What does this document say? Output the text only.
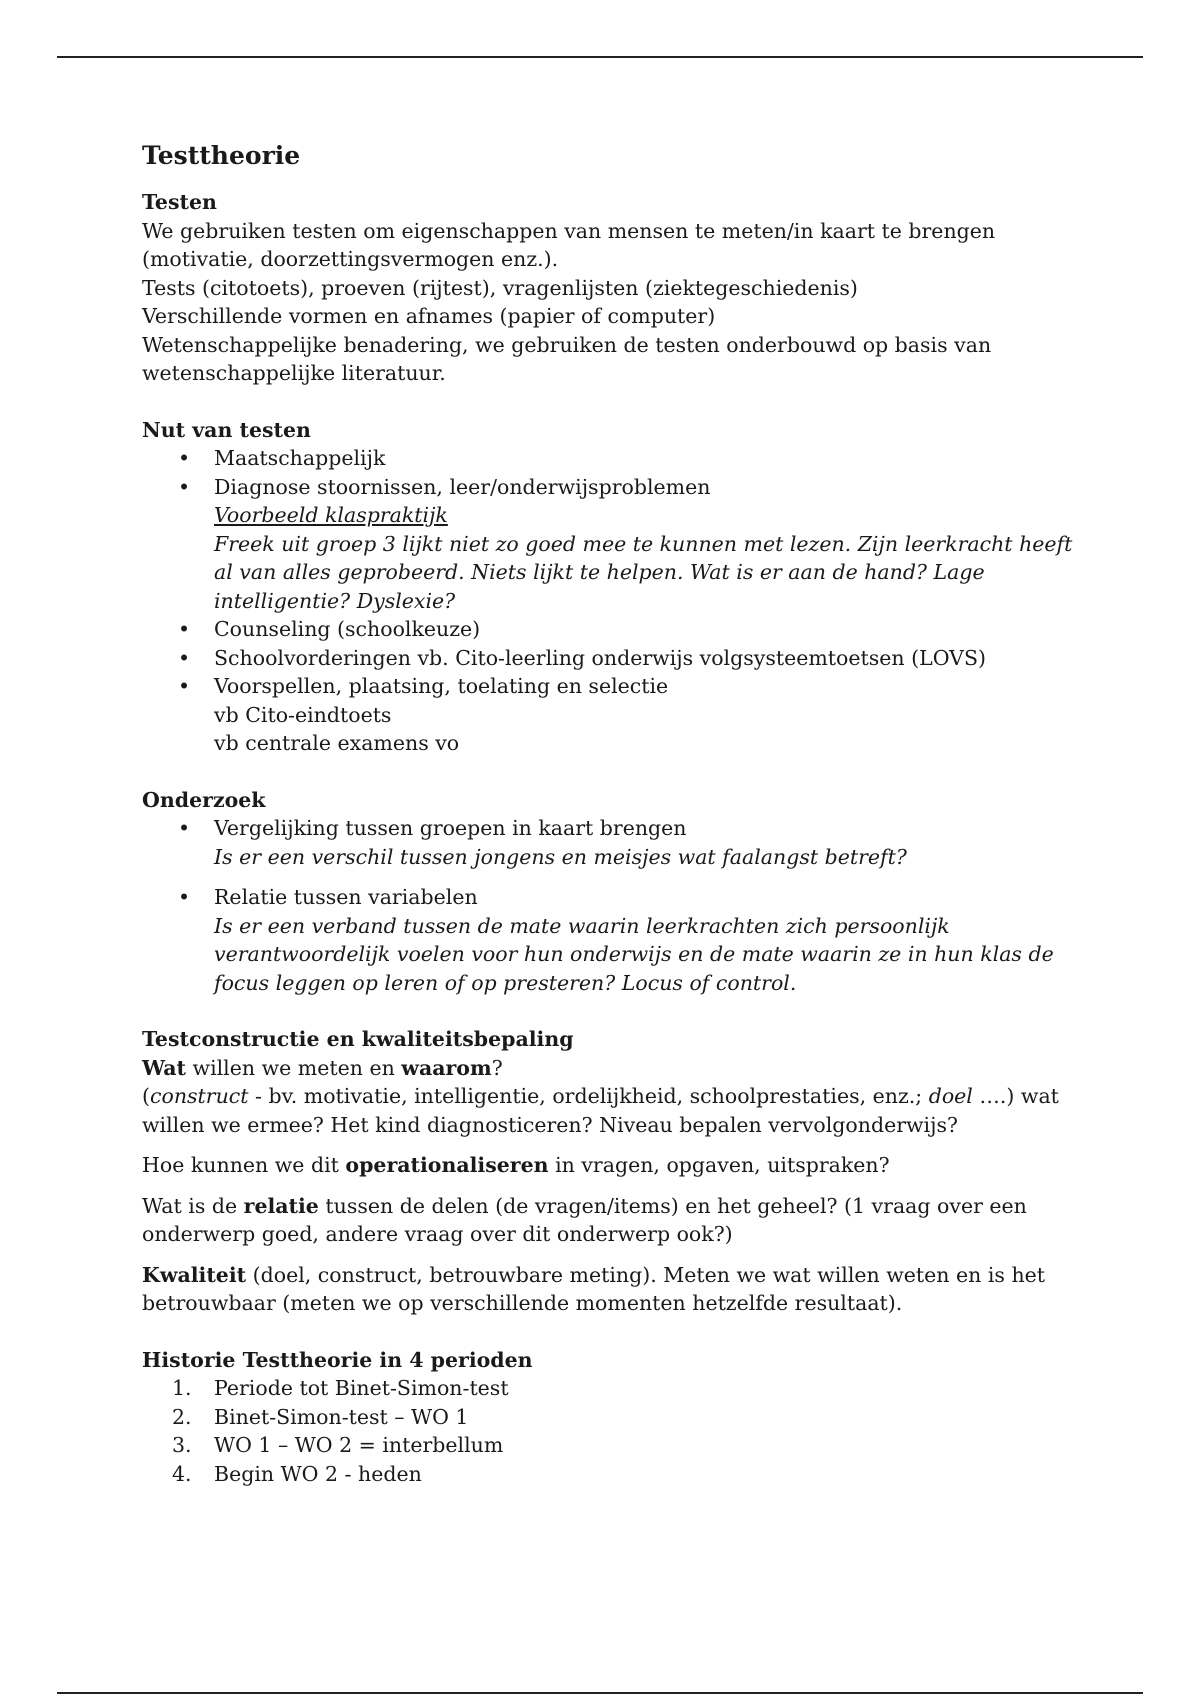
Testtheorie
Testen

We gebruiken testen om eigenschappen van mensen te meten/in kaart te brengen (motivatie, doorzettingsvermogen enz.).

Tests (citotoets), proeven (rijtest), vragenlijsten (ziektegeschiedenis)

Verschillende vormen en afnames (papier of computer)

Wetenschappelijke benadering, we gebruiken de testen onderbouwd op basis van wetenschappelijke literatuur.

Nut van testen
• Maatschappelijk
• Diagnose stoornissen, leer/onderwijsproblemen
Voorbeeld klaspraktijk
Freek uit groep 3 lijkt niet zo goed mee te kunnen met lezen. Zijn leerkracht heeft al van alles geprobeerd. Niets lijkt te helpen. Wat is er aan de hand? Lage intelligentie? Dyslexie?
• Counseling (schoolkeuze)
• Schoolvorderingen vb. Cito-leerling onderwijs volgsysteemtoetsen (LOVS)
• Voorspellen, plaatsing, toelating en selectie
vb Cito-eindtoets
vb centrale examens vo
Onderzoek
• Vergelijking tussen groepen in kaart brengen
Is er een verschil tussen jongens en meisjes wat faalangst betreft?
• Relatie tussen variabelen
Is er een verband tussen de mate waarin leerkrachten zich persoonlijk verantwoordelijk voelen voor hun onderwijs en de mate waarin ze in hun klas de focus leggen op leren of op presteren? Locus of control.
Testconstructie en kwaliteitsbepaling

Wat willen we meten en waarom?

(construct - bv. motivatie, intelligentie, ordelijkheid, schoolprestaties, enz.; doel ….) wat willen we ermee? Het kind diagnosticeren? Niveau bepalen vervolgonderwijs?

Hoe kunnen we dit operationaliseren in vragen, opgaven, uitspraken?

Wat is de relatie tussen de delen (de vragen/items) en het geheel? (1 vraag over een onderwerp goed, andere vraag over dit onderwerp ook?)

Kwaliteit (doel, construct, betrouwbare meting). Meten we wat willen weten en is het betrouwbaar (meten we op verschillende momenten hetzelfde resultaat).

Historie Testtheorie in 4 perioden
1.	Periode tot Binet-Simon-test
2.	Binet-Simon-test – WO 1
3.	WO 1 – WO 2 = interbellum
4.	Begin WO 2 - heden
